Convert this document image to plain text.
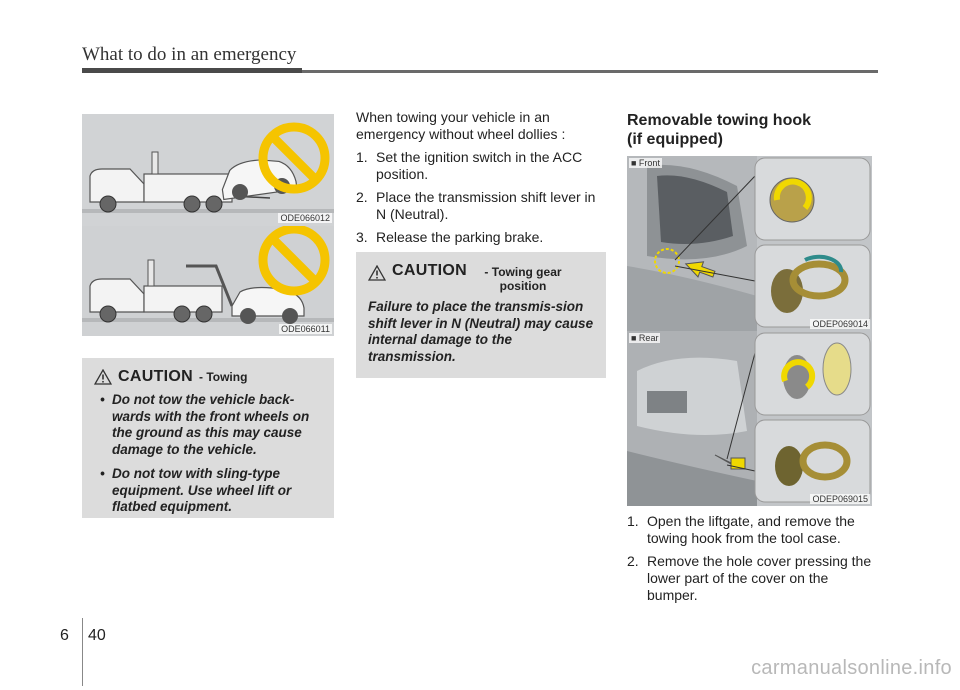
What to do in an emergency
ODE066012
ODE066011
CAUTION - Towing
• Do not tow the vehicle back-wards with the front wheels on the ground as this may cause damage to the vehicle.
• Do not tow with sling-type equipment. Use wheel lift or flatbed equipment.
When towing your vehicle in an emergency without wheel dollies :
1. Set the ignition switch in the ACC position.
2. Place the transmission shift lever in N (Neutral).
3. Release the parking brake.
CAUTION	- Towing gear position
Failure to place the transmis-sion shift lever in N (Neutral) may cause internal damage to the transmission.
Removable towing hook
(if equipped)
■ Front
ODEP069014
■ Rear
ODEP069015
1. Open the liftgate, and remove the towing hook from the tool case.
2. Remove the hole cover pressing the lower part of the cover on the bumper.
6 40
carmanualsonline.info
